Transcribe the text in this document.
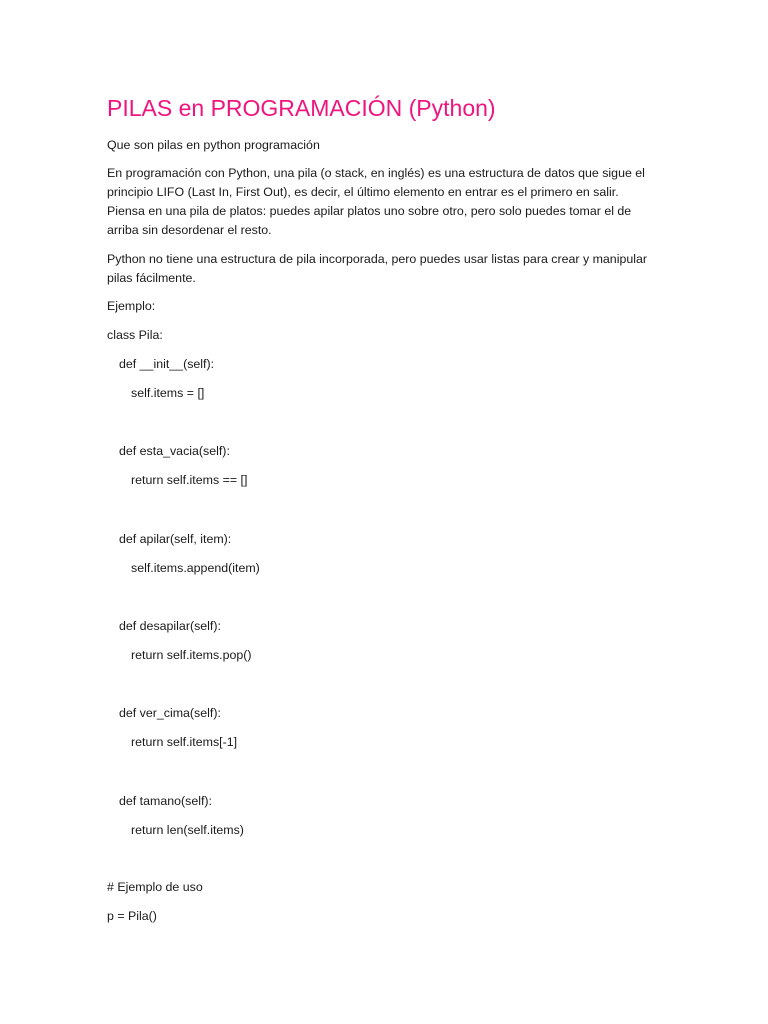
PILAS en PROGRAMACIÓN (Python)
Que son pilas en python programación
En programación con Python, una pila (o stack, en inglés) es una estructura de datos que sigue el
principio LIFO (Last In, First Out), es decir, el último elemento en entrar es el primero en salir.
Piensa en una pila de platos: puedes apilar platos uno sobre otro, pero solo puedes tomar el de
arriba sin desordenar el resto.
Python no tiene una estructura de pila incorporada, pero puedes usar listas para crear y manipular
pilas fácilmente.
Ejemplo:
class Pila:
def __init__(self):
self.items = []
def esta_vacia(self):
return self.items == []
def apilar(self, item):
self.items.append(item)
def desapilar(self):
return self.items.pop()
def ver_cima(self):
return self.items[-1]
def tamano(self):
return len(self.items)
# Ejemplo de uso
p = Pila()
